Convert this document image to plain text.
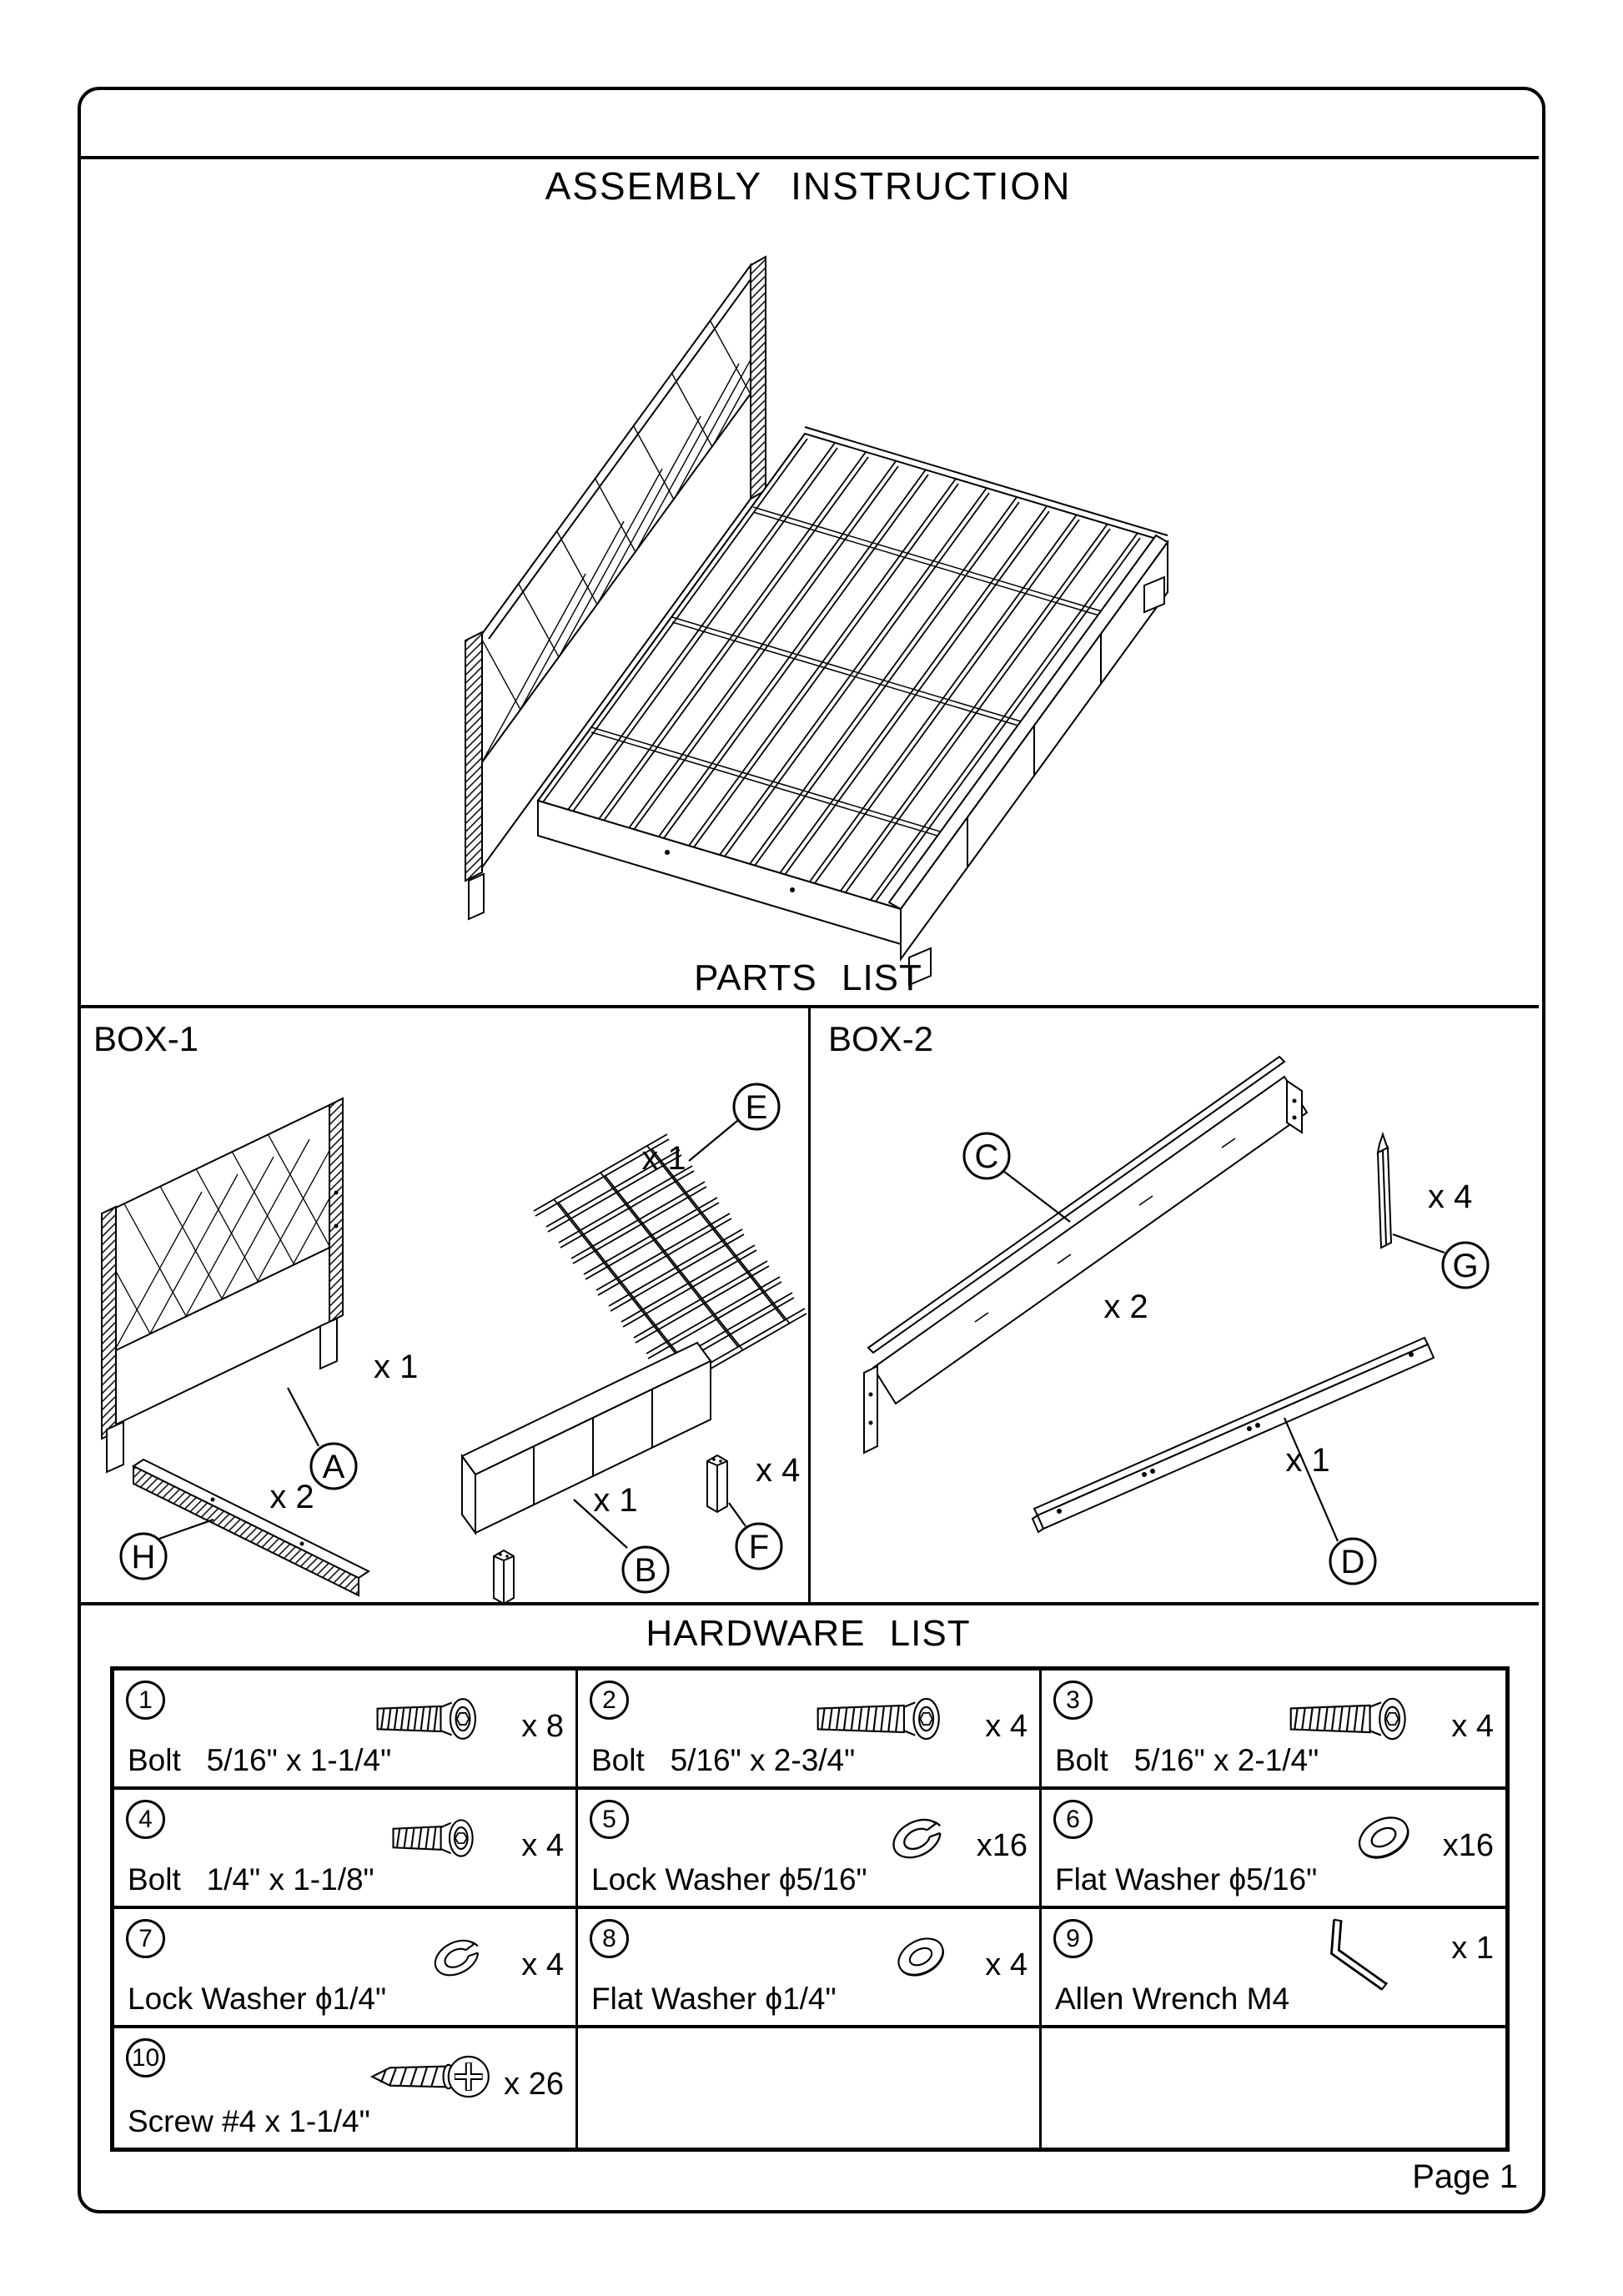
ASSEMBLY INSTRUCTION
PARTS LIST
BOX-1	BOX-2
x 1
A
x 1
E
x 2
H
x 1
B
x 4
F
x 2
C
x 4
G
x 1
D
HARDWARE LIST
1
x 8
Bolt   5/16" x 1-1/4"
2
x 4
Bolt   5/16" x 2-3/4"
3
x 4
Bolt   5/16" x 2-1/4"
4
x 4
Bolt   1/4" x 1-1/8"
5
x16
Lock Washer ϕ5/16"
6
x16
Flat Washer ϕ5/16"
7
x 4
Lock Washer ϕ1/4"
8
x 4
Flat Washer ϕ1/4"
9	x 1
Allen Wrench M4
10
x 26
Screw #4 x 1-1/4"
Page 1
